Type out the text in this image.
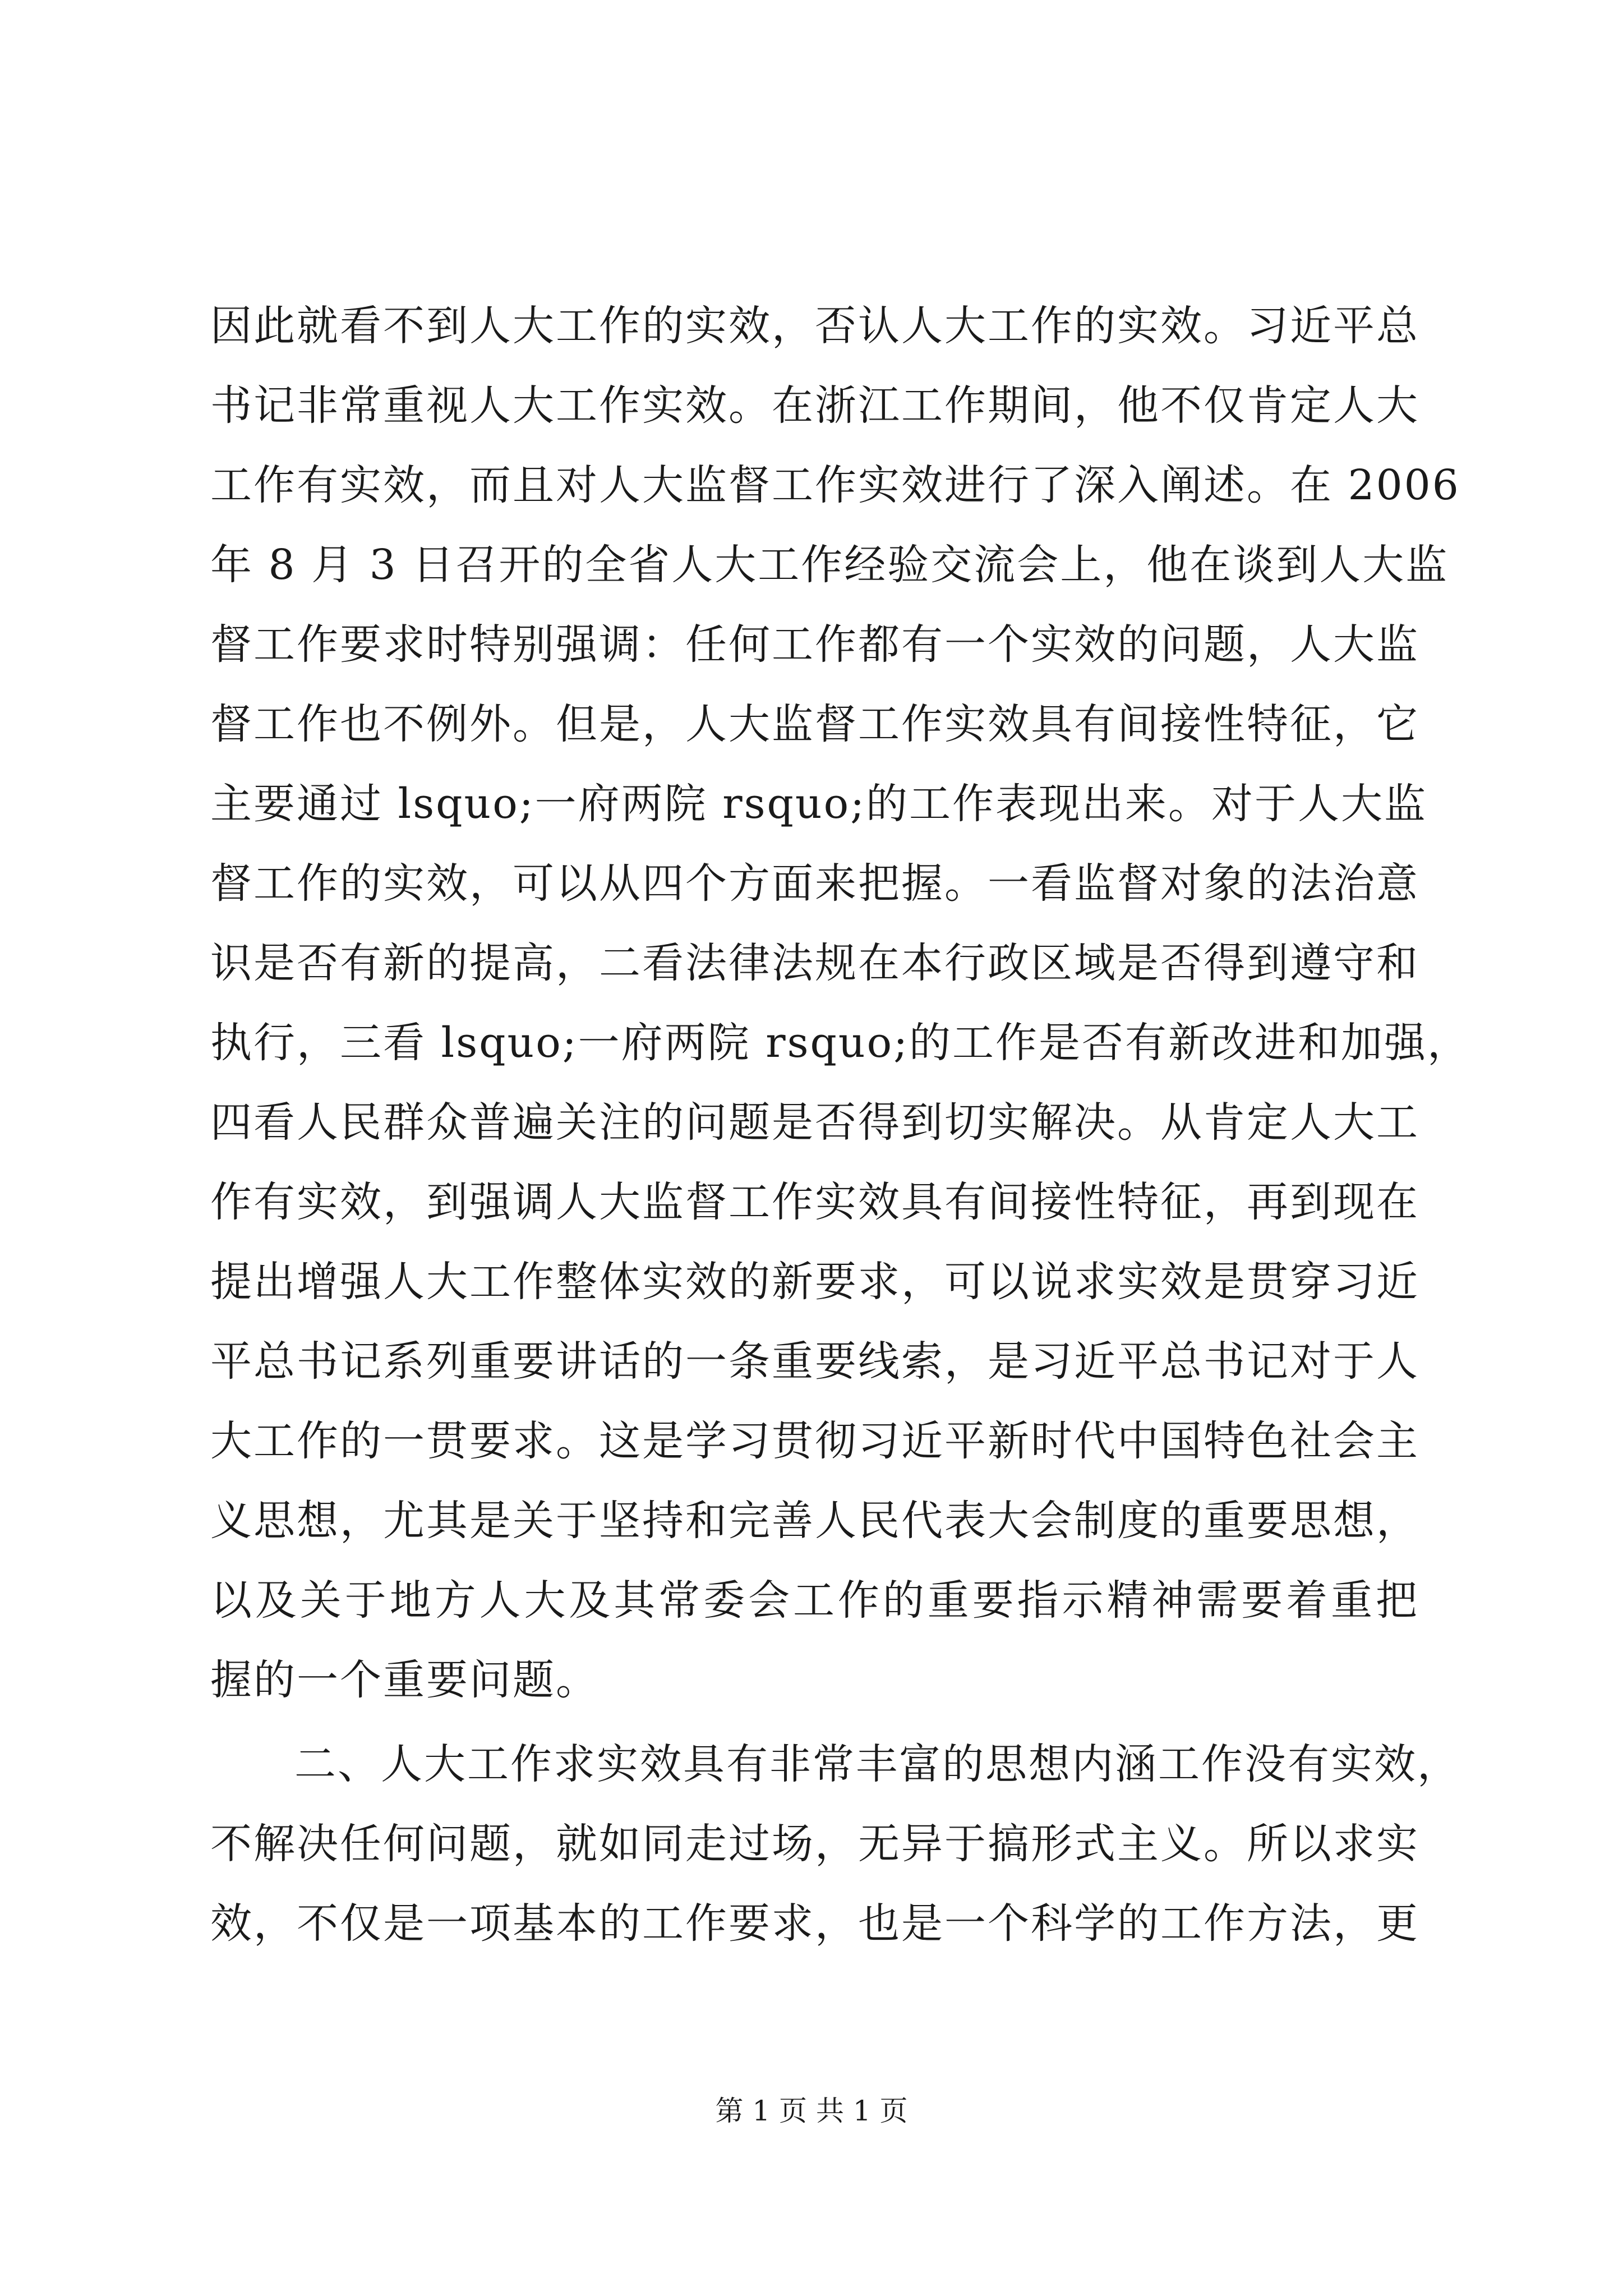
因此就看不到人大工作的实效，否认人大工作的实效。习近平总
书记非常重视人大工作实效。在浙江工作期间，他不仅肯定人大
工作有实效，而且对人大监督工作实效进行了深入阐述。在 2006
年 8 月 3 日召开的全省人大工作经验交流会上，他在谈到人大监
督工作要求时特别强调：任何工作都有一个实效的问题，人大监
督工作也不例外。但是，人大监督工作实效具有间接性特征，它
主要通过 lsquo;一府两院 rsquo;的工作表现出来。对于人大监
督工作的实效，可以从四个方面来把握。一看监督对象的法治意
识是否有新的提高，二看法律法规在本行政区域是否得到遵守和
执行，三看 lsquo;一府两院 rsquo;的工作是否有新改进和加强，
四看人民群众普遍关注的问题是否得到切实解决。从肯定人大工
作有实效，到强调人大监督工作实效具有间接性特征，再到现在
提出增强人大工作整体实效的新要求，可以说求实效是贯穿习近
平总书记系列重要讲话的一条重要线索，是习近平总书记对于人
大工作的一贯要求。这是学习贯彻习近平新时代中国特色社会主
义思想，尤其是关于坚持和完善人民代表大会制度的重要思想，
以及关于地方人大及其常委会工作的重要指示精神需要着重把
握的一个重要问题。
二、人大工作求实效具有非常丰富的思想内涵工作没有实效，
不解决任何问题，就如同走过场，无异于搞形式主义。所以求实
效，不仅是一项基本的工作要求，也是一个科学的工作方法，更
第 1 页 共 1 页
